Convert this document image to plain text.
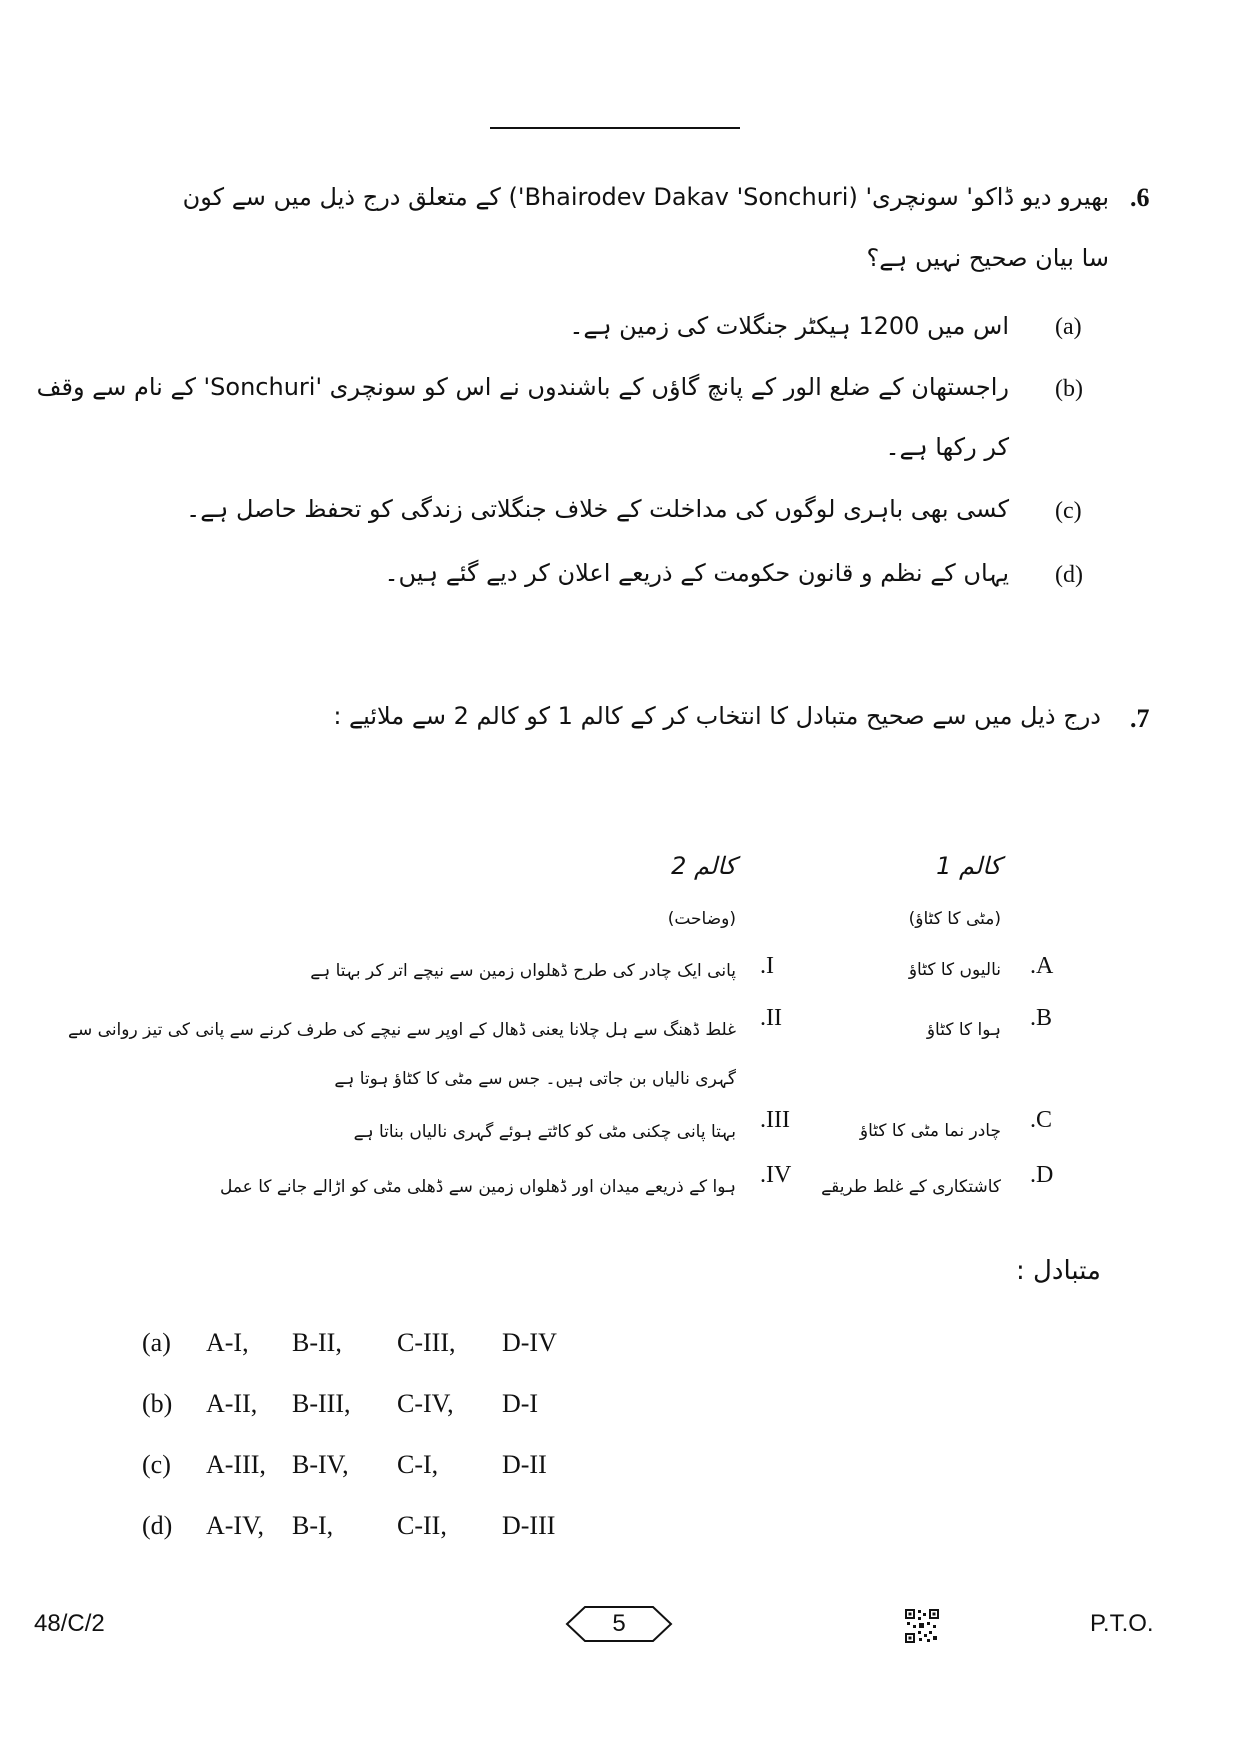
.6
بھیرو دیو ڈاکو' سونچری' (Bhairodev Dakav 'Sonchuri') کے متعلق درج ذیل میں سے کون
سا بیان صحیح نہیں ہے؟
(a)
اس میں 1200 ہیکٹر جنگلات کی زمین ہے۔
(b)
راجستھان کے ضلع الور کے پانچ گاؤں کے باشندوں نے اس کو سونچری 'Sonchuri' کے نام سے وقف
کر رکھا ہے۔
(c)
کسی بھی باہری لوگوں کی مداخلت کے خلاف جنگلاتی زندگی کو تحفظ حاصل ہے۔
(d)
یہاں کے نظم و قانون حکومت کے ذریعے اعلان کر دیے گئے ہیں۔
.7
درج ذیل میں سے صحیح متبادل کا انتخاب کر کے کالم 1 کو کالم 2 سے ملائیے :
کالم 1
(مٹی کا کٹاؤ)
کالم 2
(وضاحت)
.A
نالیوں کا کٹاؤ
.I
پانی ایک چادر کی طرح ڈھلواں زمین سے نیچے اتر کر بہتا ہے
.B
ہوا کا کٹاؤ
.II
غلط ڈھنگ سے ہل چلانا یعنی ڈھال کے اوپر سے نیچے کی طرف کرنے سے پانی کی تیز روانی سے
گہری نالیاں بن جاتی ہیں۔ جس سے مٹی کا کٹاؤ ہوتا ہے
.C
چادر نما مٹی کا کٹاؤ
.III
بہتا پانی چکنی مٹی کو کاٹتے ہوئے گہری نالیاں بناتا ہے
.D
کاشتکاری کے غلط طریقے
.IV
ہوا کے ذریعے میدان اور ڈھلواں زمین سے ڈھلی مٹی کو اڑالے جانے کا عمل
متبادل :
(a) A-I, B-II, C-III, D-IV
(b) A-II, B-III, C-IV, D-I
(c) A-III, B-IV, C-I, D-II
(d) A-IV, B-I, C-II, D-III
48/C/2	5	P.T.O.
